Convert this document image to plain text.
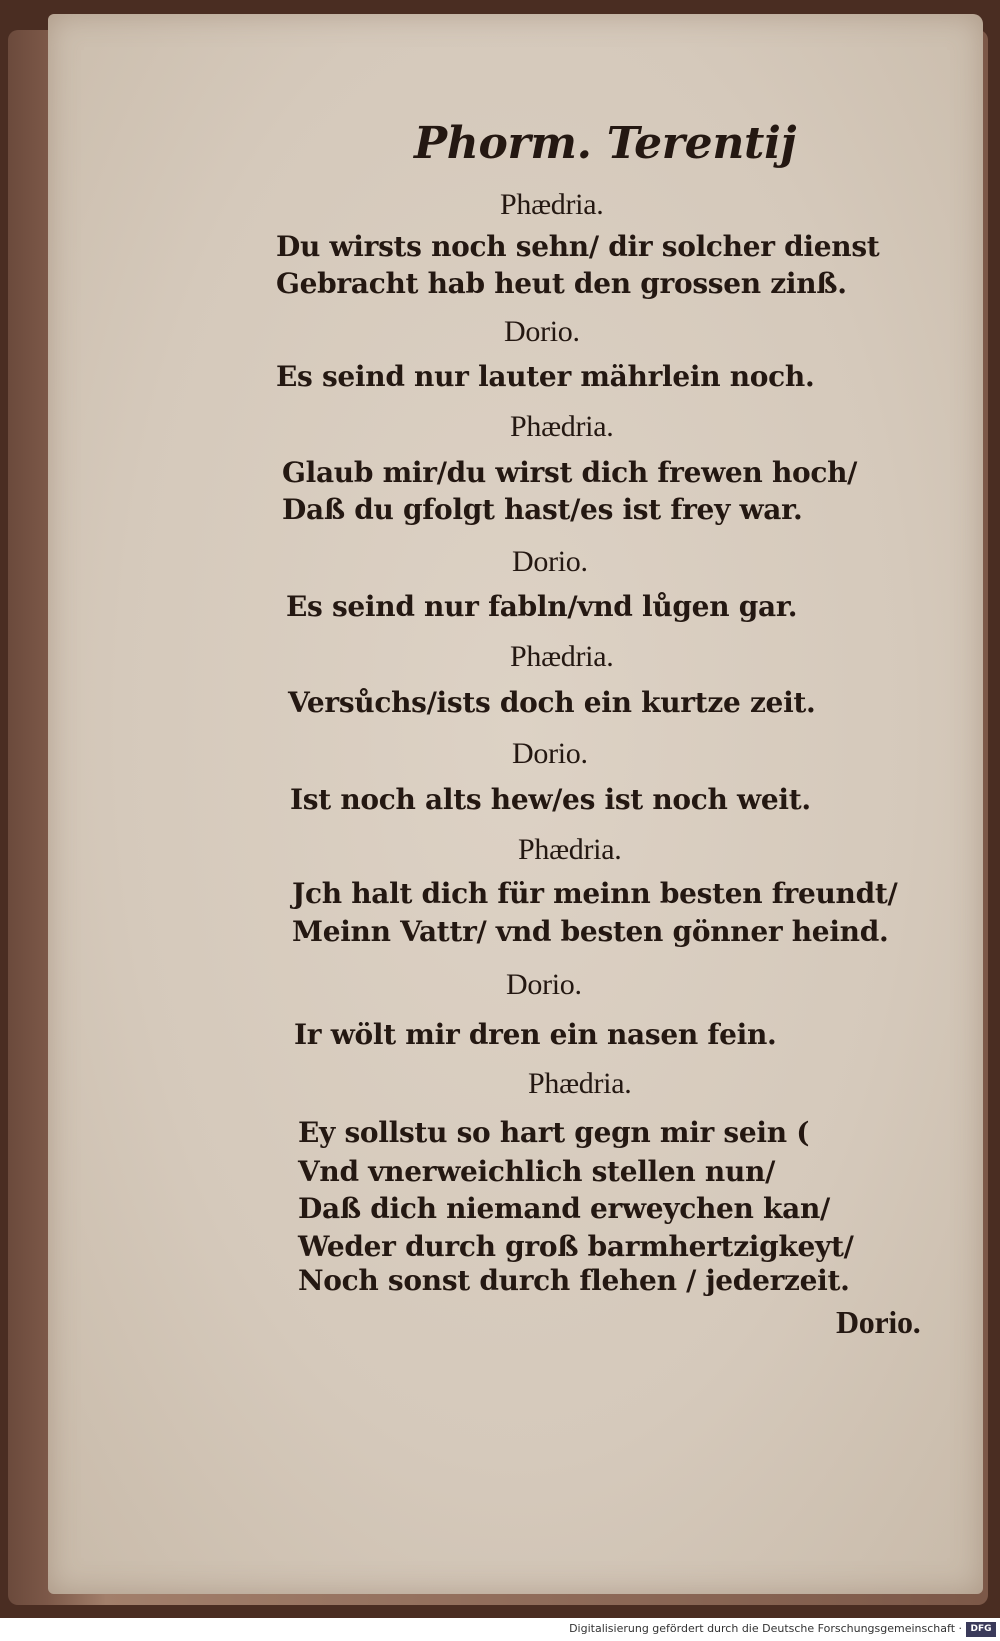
Phorm. Terentij
Phædria.
Du wirsts noch sehn/ dir solcher dienst
Gebracht hab heut den grossen zinß.
Dorio.
Es seind nur lauter mährlein noch.
Phædria.
Glaub mir/du wirst dich frewen hoch/
Daß du gfolgt hast/es ist frey war.
Dorio.
Es seind nur fabln/vnd lůgen gar.
Phædria.
Versůchs/ists doch ein kurtze zeit.
Dorio.
Ist noch alts hew/es ist noch weit.
Phædria.
Jch halt dich für meinn besten freundt/
Meinn Vattr/ vnd besten gönner heind.
Dorio.
Ir wölt mir dren ein nasen fein.
Phædria.
Ey sollstu so hart gegn mir sein (
Vnd vnerweichlich stellen nun/
Daß dich niemand erweychen kan/
Weder durch groß barmhertzigkeyt/
Noch sonst durch flehen / jederzeit.
Dorio.
Digitalisierung gefördert durch die Deutsche Forschungsgemeinschaft · DFG
